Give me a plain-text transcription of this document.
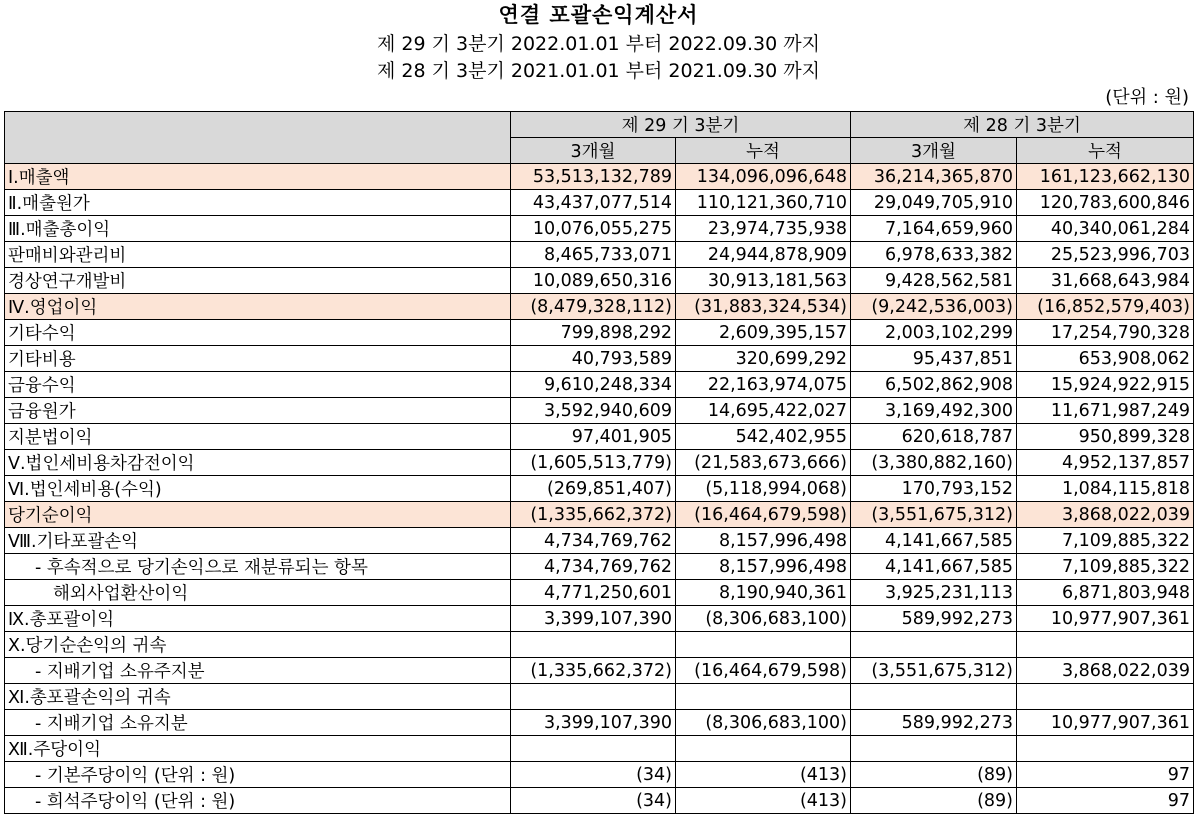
연결 포괄손익계산서
제 29 기 3분기 2022.01.01 부터 2022.09.30 까지
제 28 기 3분기 2021.01.01 부터 2021.09.30 까지
(단위 : 원)
	제 29 기 3분기		제 28 기 3분기	
	3개월	누적	3개월	누적
Ⅰ.매출액	53,513,132,789	134,096,096,648	36,214,365,870	161,123,662,130
Ⅱ.매출원가	43,437,077,514	110,121,360,710	29,049,705,910	120,783,600,846
Ⅲ.매출총이익	10,076,055,275	23,974,735,938	7,164,659,960	40,340,061,284
판매비와관리비	8,465,733,071	24,944,878,909	6,978,633,382	25,523,996,703
경상연구개발비	10,089,650,316	30,913,181,563	9,428,562,581	31,668,643,984
Ⅳ.영업이익	(8,479,328,112)	(31,883,324,534)	(9,242,536,003)	(16,852,579,403)
기타수익	799,898,292	2,609,395,157	2,003,102,299	17,254,790,328
기타비용	40,793,589	320,699,292	95,437,851	653,908,062
금융수익	9,610,248,334	22,163,974,075	6,502,862,908	15,924,922,915
금융원가	3,592,940,609	14,695,422,027	3,169,492,300	11,671,987,249
지분법이익	97,401,905	542,402,955	620,618,787	950,899,328
Ⅴ.법인세비용차감전이익	(1,605,513,779)	(21,583,673,666)	(3,380,882,160)	4,952,137,857
Ⅵ.법인세비용(수익)	(269,851,407)	(5,118,994,068)	170,793,152	1,084,115,818
당기순이익	(1,335,662,372)	(16,464,679,598)	(3,551,675,312)	3,868,022,039
Ⅷ.기타포괄손익	4,734,769,762	8,157,996,498	4,141,667,585	7,109,885,322
- 후속적으로 당기손익으로 재분류되는 항목	4,734,769,762	8,157,996,498	4,141,667,585	7,109,885,322
해외사업환산이익	4,771,250,601	8,190,940,361	3,925,231,113	6,871,803,948
Ⅸ.총포괄이익	3,399,107,390	(8,306,683,100)	589,992,273	10,977,907,361
Ⅹ.당기순손익의 귀속				
- 지배기업 소유주지분	(1,335,662,372)	(16,464,679,598)	(3,551,675,312)	3,868,022,039
Ⅺ.총포괄손익의 귀속				
- 지배기업 소유지분	3,399,107,390	(8,306,683,100)	589,992,273	10,977,907,361
Ⅻ.주당이익				
- 기본주당이익 (단위 : 원)	(34)	(413)	(89)	97
- 희석주당이익 (단위 : 원)	(34)	(413)	(89)	97
